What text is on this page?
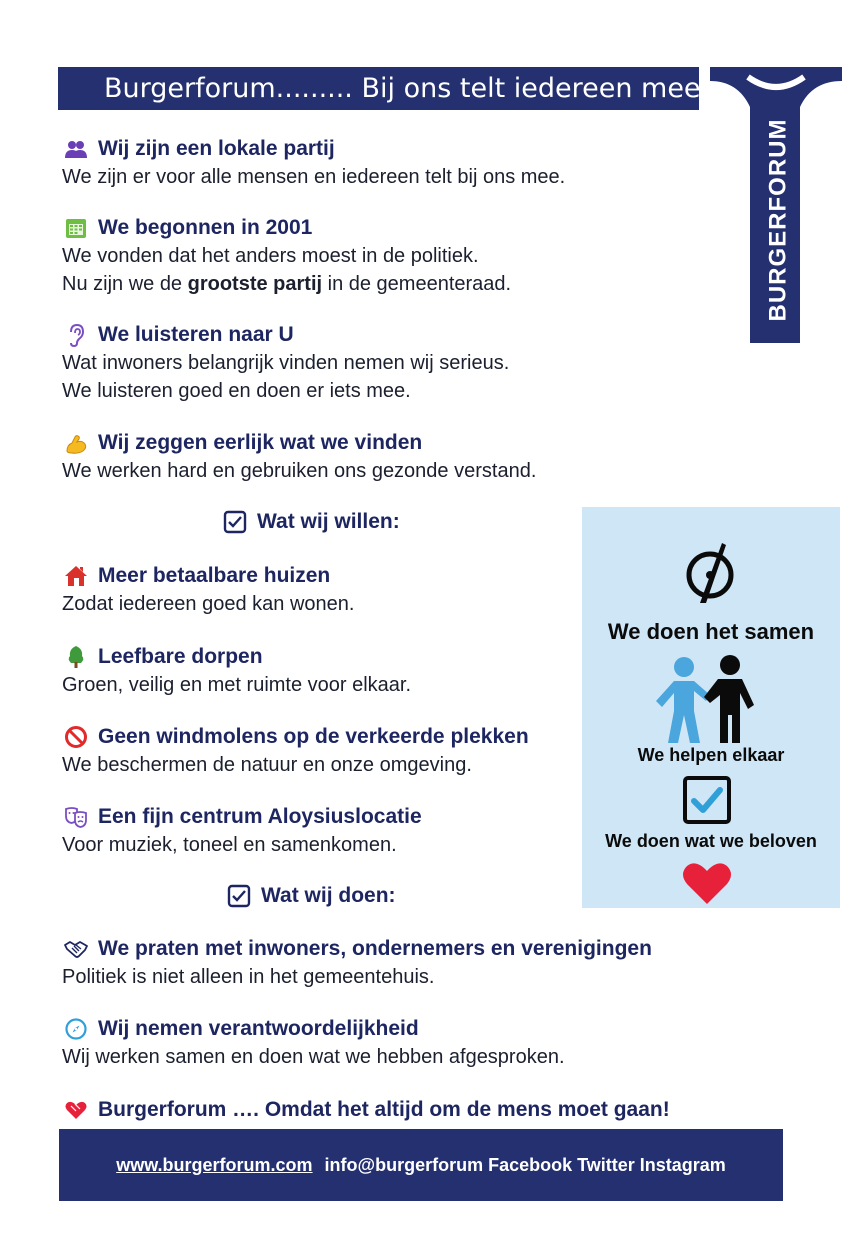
Burgerforum......... Bij ons telt iedereen mee
BURGERFORUM
Wij zijn een lokale partij
We zijn er voor alle mensen en iedereen telt bij ons mee.
We begonnen in 2001
We vonden dat het anders moest in de politiek.
Nu zijn we de grootste partij in de gemeenteraad.
We luisteren naar U
Wat inwoners belangrijk vinden nemen wij serieus.
We luisteren goed en doen er iets mee.
Wij zeggen eerlijk wat we vinden
We werken hard en gebruiken ons gezonde verstand.
Wat wij willen:
Meer betaalbare huizen
Zodat iedereen goed kan wonen.
Leefbare dorpen
Groen, veilig en met ruimte voor elkaar.
Geen windmolens op de verkeerde plekken
We beschermen de natuur en onze omgeving.
Een fijn centrum Aloysiuslocatie
Voor muziek, toneel en samenkomen.
Wat wij doen:
We praten met inwoners, ondernemers en verenigingen
Politiek is niet alleen in het gemeentehuis.
Wij nemen verantwoordelijkheid
Wij werken samen en doen wat we hebben afgesproken.
Burgerforum …. Omdat het altijd om de mens moet gaan!
We doen het samen
We helpen elkaar
We doen wat we beloven
www.burgerforum.com info@burgerforum Facebook Twitter Instagram
